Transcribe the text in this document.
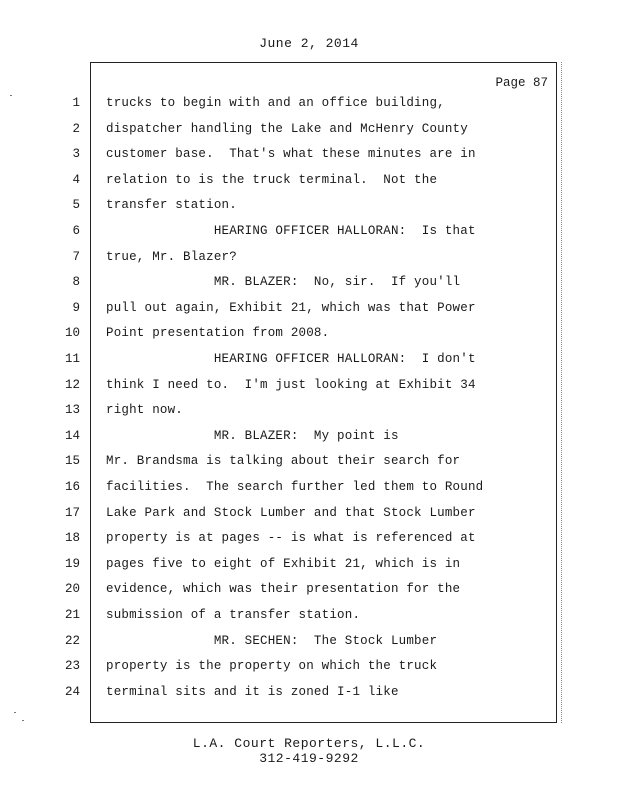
June 2, 2014
Page 87
1 trucks to begin with and an office building,
2 dispatcher handling the Lake and McHenry County
3 customer base.  That's what these minutes are in
4 relation to is the truck terminal.  Not the
5 transfer station.
6 HEARING OFFICER HALLORAN:  Is that
7 true, Mr. Blazer?
8 MR. BLAZER:  No, sir.  If you'll
9 pull out again, Exhibit 21, which was that Power
10 Point presentation from 2008.
11 HEARING OFFICER HALLORAN:  I don't
12 think I need to.  I'm just looking at Exhibit 34
13 right now.
14 MR. BLAZER:  My point is
15 Mr. Brandsma is talking about their search for
16 facilities.  The search further led them to Round
17 Lake Park and Stock Lumber and that Stock Lumber
18 property is at pages -- is what is referenced at
19 pages five to eight of Exhibit 21, which is in
20 evidence, which was their presentation for the
21 submission of a transfer station.
22 MR. SECHEN:  The Stock Lumber
23 property is the property on which the truck
24 terminal sits and it is zoned I-1 like
L.A. Court Reporters, L.L.C.
312-419-9292
